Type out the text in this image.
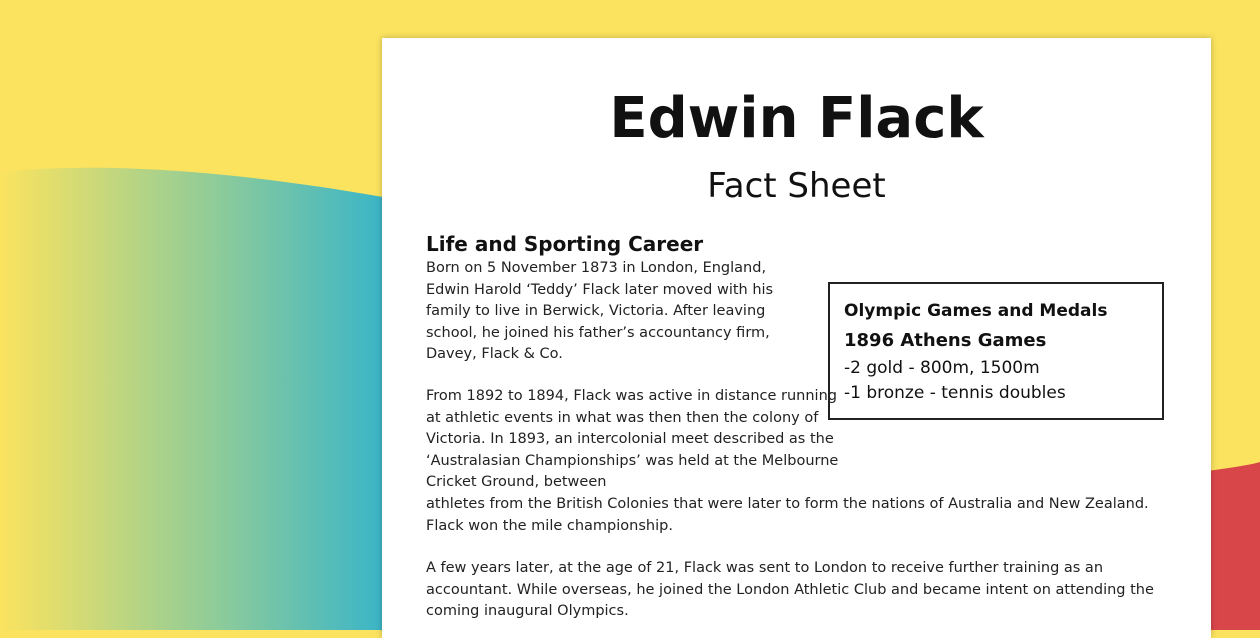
Edwin Flack
Fact Sheet
Life and Sporting Career
Born on 5 November 1873 in London, England, Edwin Harold ‘Teddy’ Flack later moved with his family to live in Berwick, Victoria. After leaving school, he joined his father’s accountancy firm, Davey, Flack & Co.
From 1892 to 1894, Flack was active in distance running at athletic events in what was then then the colony of Victoria. In 1893, an intercolonial meet described as the ‘Australasian Championships’ was held at the Melbourne Cricket Ground, between
athletes from the British Colonies that were later to form the nations of Australia and New Zealand. Flack won the mile championship.
A few years later, at the age of 21, Flack was sent to London to receive further training as an accountant. While overseas, he joined the London Athletic Club and became intent on attending the coming inaugural Olympics.
Olympic Games and Medals
1896 Athens Games
-2 gold - 800m, 1500m
-1 bronze - tennis doubles
